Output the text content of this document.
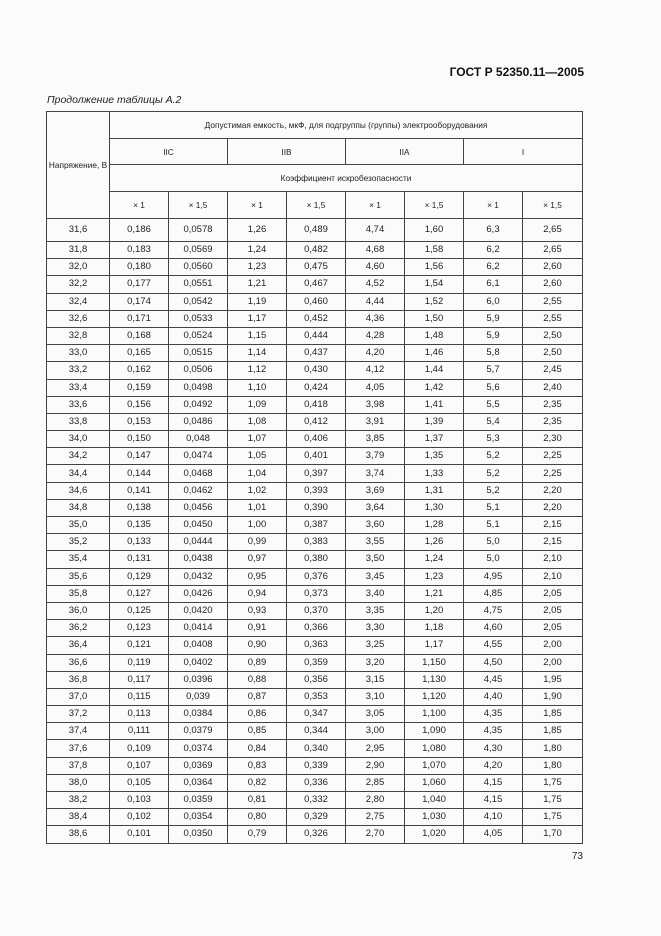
ГОСТ Р 52350.11—2005
Продолжение таблицы А.2
Напряжение, В	Допустимая емкость, мкФ, для подгруппы (группы) электрооборудования							
	IIC		IIB		IIA		I	
	Коэффициент искробезопасности							
	× 1	× 1,5	× 1	× 1,5	× 1	× 1,5	× 1	× 1,5
31,6	0,186	0,0578	1,26	0,489	4,74	1,60	6,3	2,65
31,8	0,183	0,0569	1,24	0,482	4,68	1,58	6,2	2,65
32,0	0,180	0,0560	1,23	0,475	4,60	1,56	6,2	2,60
32,2	0,177	0,0551	1,21	0,467	4,52	1,54	6,1	2,60
32,4	0,174	0,0542	1,19	0,460	4,44	1,52	6,0	2,55
32,6	0,171	0,0533	1,17	0,452	4,36	1,50	5,9	2,55
32,8	0,168	0,0524	1,15	0,444	4,28	1,48	5,9	2,50
33,0	0,165	0,0515	1,14	0,437	4,20	1,46	5,8	2,50
33,2	0,162	0,0506	1,12	0,430	4,12	1,44	5,7	2,45
33,4	0,159	0,0498	1,10	0,424	4,05	1,42	5,6	2,40
33,6	0,156	0,0492	1,09	0,418	3,98	1,41	5,5	2,35
33,8	0,153	0,0486	1,08	0,412	3,91	1,39	5,4	2,35
34,0	0,150	0,048	1,07	0,406	3,85	1,37	5,3	2,30
34,2	0,147	0,0474	1,05	0,401	3,79	1,35	5,2	2,25
34,4	0,144	0,0468	1,04	0,397	3,74	1,33	5,2	2,25
34,6	0,141	0,0462	1,02	0,393	3,69	1,31	5,2	2,20
34,8	0,138	0,0456	1,01	0,390	3,64	1,30	5,1	2,20
35,0	0,135	0,0450	1,00	0,387	3,60	1,28	5,1	2,15
35,2	0,133	0,0444	0,99	0,383	3,55	1,26	5,0	2,15
35,4	0,131	0,0438	0,97	0,380	3,50	1,24	5,0	2,10
35,6	0,129	0,0432	0,95	0,376	3,45	1,23	4,95	2,10
35,8	0,127	0,0426	0,94	0,373	3,40	1,21	4,85	2,05
36,0	0,125	0,0420	0,93	0,370	3,35	1,20	4,75	2,05
36,2	0,123	0,0414	0,91	0,366	3,30	1,18	4,60	2,05
36,4	0,121	0,0408	0,90	0,363	3,25	1,17	4,55	2,00
36,6	0,119	0,0402	0,89	0,359	3,20	1,150	4,50	2,00
36,8	0,117	0,0396	0,88	0,356	3,15	1,130	4,45	1,95
37,0	0,115	0,039	0,87	0,353	3,10	1,120	4,40	1,90
37,2	0,113	0,0384	0,86	0,347	3,05	1,100	4,35	1,85
37,4	0,111	0,0379	0,85	0,344	3,00	1,090	4,35	1,85
37,6	0,109	0,0374	0,84	0,340	2,95	1,080	4,30	1,80
37,8	0,107	0,0369	0,83	0,339	2,90	1,070	4,20	1,80
38,0	0,105	0,0364	0,82	0,336	2,85	1,060	4,15	1,75
38,2	0,103	0,0359	0,81	0,332	2,80	1,040	4,15	1,75
38,4	0,102	0,0354	0,80	0,329	2,75	1,030	4,10	1,75
38,6	0,101	0,0350	0,79	0,326	2,70	1,020	4,05	1,70
73
